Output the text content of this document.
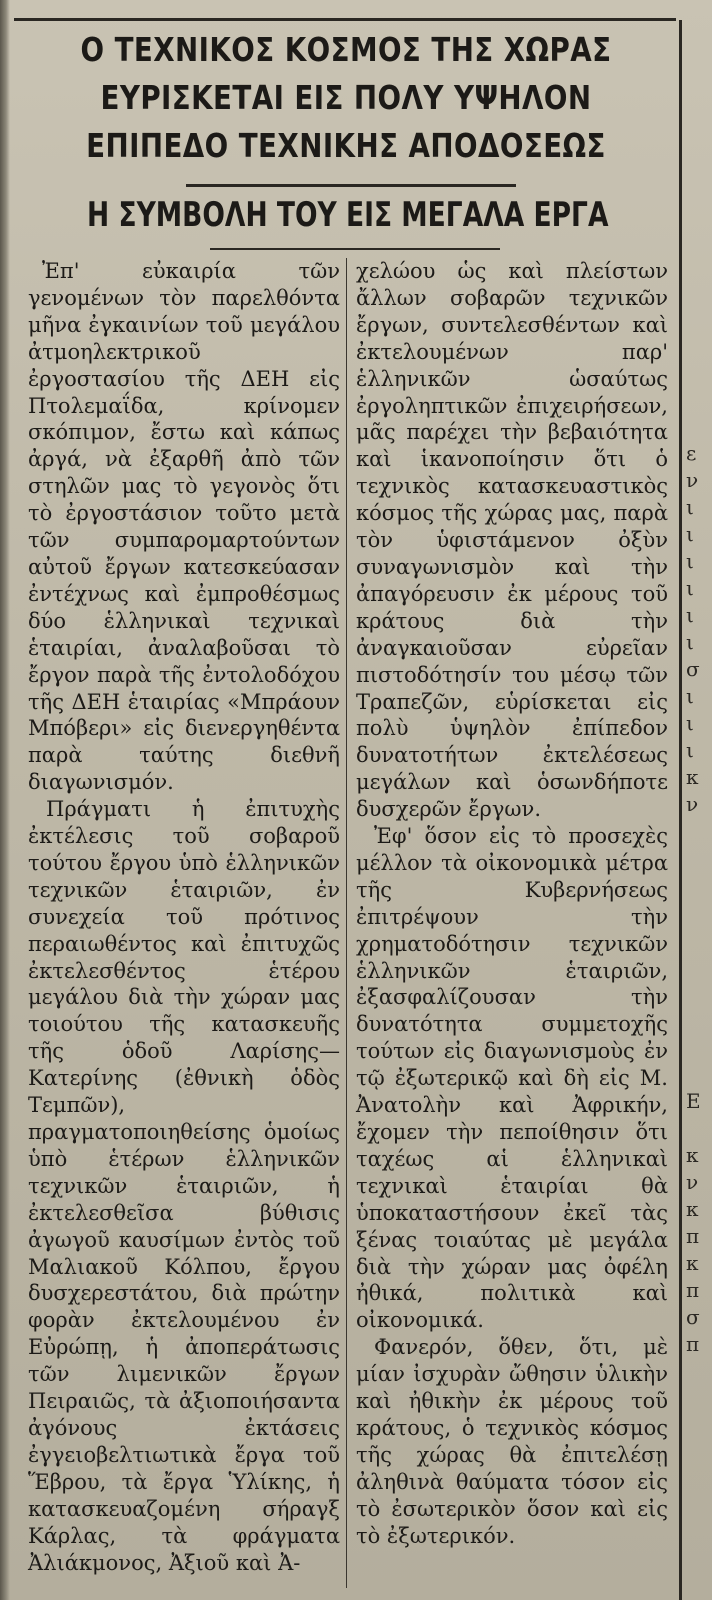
Ο ΤΕΧΝΙΚΟΣ ΚΟΣΜΟΣ ΤΗΣ ΧΩΡΑΣ
ΕΥΡΙΣΚΕΤΑΙ ΕΙΣ ΠΟΛΥ ΥΨΗΛΟΝ
ΕΠΙΠΕΔΟ ΤΕΧΝΙΚΗΣ ΑΠΟΔΟΣΕΩΣ
Η ΣΥΜΒΟΛΗ ΤΟΥ ΕΙΣ ΜΕΓΑΛΑ ΕΡΓΑ

Ἐπ' εὐκαιρία τῶν γενομένων τὸν παρελθόντα μῆνα ἐγκαινίων τοῦ μεγάλου ἀτμοηλεκτρικοῦ ἐργοστασίου τῆς ΔΕΗ εἰς Πτολεμαΐδα, κρίνομεν σκόπιμον, ἔστω καὶ κάπως ἀργά, νὰ ἐξαρθῆ ἀπὸ τῶν στηλῶν μας τὸ γεγονὸς ὅτι τὸ ἐργοστάσιον τοῦτο μετὰ τῶν συμπαρομαρτούντων αὐτοῦ ἔργων κατεσκεύασαν ἐντέχνως καὶ ἐμπροθέσμως δύο ἑλληνικαὶ τεχνικαὶ ἑταιρίαι, ἀναλαβοῦσαι τὸ ἔργον παρὰ τῆς ἐντολοδόχου τῆς ΔΕΗ ἑταιρίας «Μπράουν Μπόβερι» εἰς διενεργηθέντα παρὰ ταύτης διεθνῆ διαγωνισμόν.

Πράγματι ἡ ἐπιτυχὴς ἐκτέλεσις τοῦ σοβαροῦ τούτου ἔργου ὑπὸ ἑλληνικῶν τεχνικῶν ἑταιριῶν, ἐν συνεχεία τοῦ πρότινος περαιωθέντος καὶ ἐπιτυχῶς ἐκτελεσθέντος ἑτέρου μεγάλου διὰ τὴν χώραν μας τοιούτου τῆς κατασκευῆς τῆς ὁδοῦ Λαρίσης—Κατερίνης (ἐθνικὴ ὁδὸς Τεμπῶν), πραγματοποιηθείσης ὁμοίως ὑπὸ ἑτέρων ἑλληνικῶν τεχνικῶν ἑταιριῶν, ἡ ἐκτελεσθεῖσα βύθισις ἀγωγοῦ καυσίμων ἐντὸς τοῦ Μαλιακοῦ Κόλπου, ἔργου δυσχερεστάτου, διὰ πρώτην φορὰν ἐκτελουμένου ἐν Εὐρώπῃ, ἡ ἀποπεράτωσις τῶν λιμενικῶν ἔργων Πειραιῶς, τὰ ἀξιοποιήσαντα ἀγόνους ἐκτάσεις ἐγγειοβελτιωτικὰ ἔργα τοῦ Ἕβρου, τὰ ἔργα Ὑλίκης, ἡ κατασκευαζομένη σήραγξ Κάρλας, τὰ φράγματα Ἀλιάκμονος, Ἀξιοῦ καὶ Ἀ-

χελώου ὡς καὶ πλείστων ἄλλων σοβαρῶν τεχνικῶν ἔργων, συντελεσθέντων καὶ ἐκτελουμένων παρ' ἑλληνικῶν ὡσαύτως ἐργοληπτικῶν ἐπιχειρήσεων, μᾶς παρέχει τὴν βεβαιότητα καὶ ἱκανοποίησιν ὅτι ὁ τεχνικὸς κατασκευαστικὸς κόσμος τῆς χώρας μας, παρὰ τὸν ὑφιστάμενον ὀξὺν συναγωνισμὸν καὶ τὴν ἀπαγόρευσιν ἐκ μέρους τοῦ κράτους διὰ τὴν ἀναγκαιοῦσαν εὐρεῖαν πιστοδότησίν του μέσῳ τῶν Τραπεζῶν, εὑρίσκεται εἰς πολὺ ὑψηλὸν ἐπίπεδον δυνατοτήτων ἐκτελέσεως μεγάλων καὶ ὁσωνδήποτε δυσχερῶν ἔργων.

Ἐφ' ὅσον εἰς τὸ προσεχὲς μέλλον τὰ οἰκονομικὰ μέτρα τῆς Κυβερνήσεως ἐπιτρέψουν τὴν χρηματοδότησιν τεχνικῶν ἑλληνικῶν ἑταιριῶν, ἐξασφαλίζουσαν τὴν δυνατότητα συμμετοχῆς τούτων εἰς διαγωνισμοὺς ἐν τῷ ἐξωτερικῷ καὶ δὴ εἰς Μ. Ἀνατολὴν καὶ Ἀφρικήν, ἔχομεν τὴν πεποίθησιν ὅτι ταχέως αἱ ἑλληνικαὶ τεχνικαὶ ἑταιρίαι θὰ ὑποκαταστήσουν ἐκεῖ τὰς ξένας τοιαύτας μὲ μεγάλα διὰ τὴν χώραν μας ὀφέλη ἠθικά, πολιτικὰ καὶ οἰκονομικά.

Φανερόν, ὅθεν, ὅτι, μὲ μίαν ἰσχυρὰν ὤθησιν ὑλικὴν καὶ ἠθικὴν ἐκ μέρους τοῦ κράτους, ὁ τεχνικὸς κόσμος τῆς χώρας θὰ ἐπιτελέσῃ ἀληθινὰ θαύματα τόσον εἰς τὸ ἐσωτερικὸν ὅσον καὶ εἰς τὸ ἐξωτερικόν.

ε
ν
ι
ι
ι
ι
ι
ι
σ
ι
ι
ι
κ
ν

Ε

κ
ν
κ
π
κ
π
σ
π
